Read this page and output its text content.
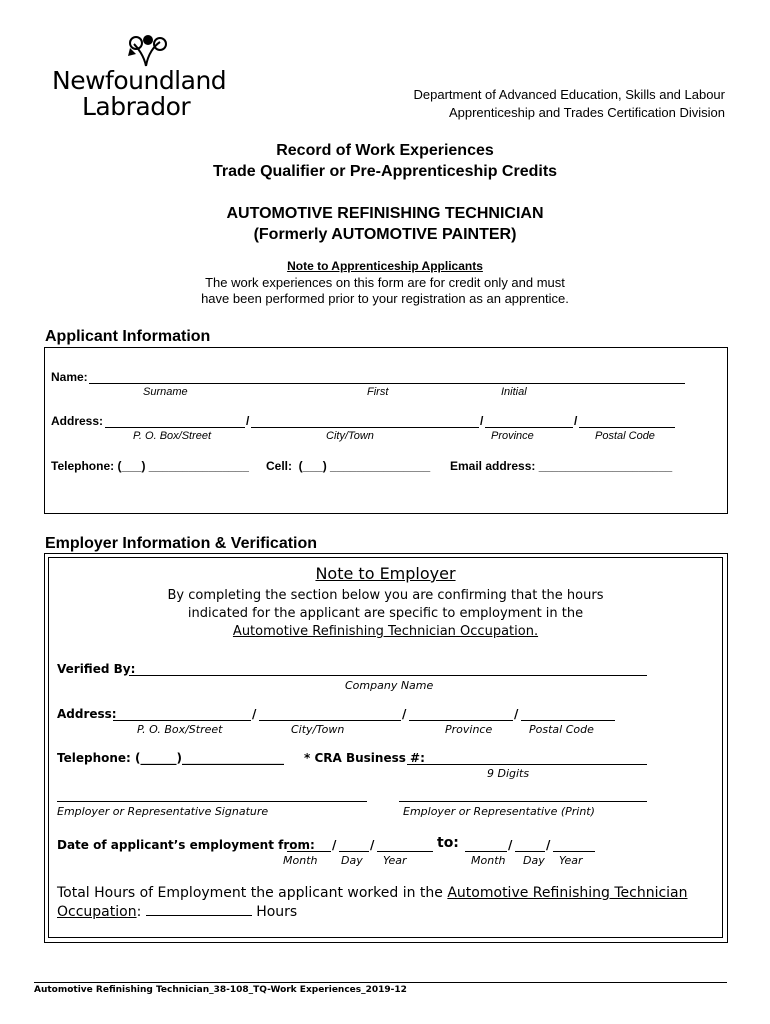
Newfoundland
Labrador	Department of Advanced Education, Skills and Labour
Apprenticeship and Trades Certification Division
Record of Work Experiences
Trade Qualifier or Pre-Apprenticeship Credits
AUTOMOTIVE REFINISHING TECHNICIAN
(Formerly AUTOMOTIVE PAINTER)
Note to Apprenticeship Applicants
The work experiences on this form are for credit only and must
have been performed prior to your registration as an apprentice.
Applicant Information
Name:
Surname	First	Initial
Address:	/	/	/
P. O. Box/Street	City/Town	Province	Postal Code
Telephone: (___) _______________ Cell:  (___) _______________ Email address: ____________________
Employer Information & Verification
Note to Employer
By completing the section below you are confirming that the hours
indicated for the applicant are specific to employment in the
Automotive Refinishing Technician Occupation.
Verified By:
Company Name
Address:	/	/	/
P. O. Box/Street	City/Town	Province	Postal Code
Telephone: (______)_________________ * CRA Business #:
9 Digits
Employer or Representative Signature	Employer or Representative (Print)
Date of applicant’s employment from: /	/	to:	/	/
Month Day Year	Month Day Year
Total Hours of Employment the applicant worked in the Automotive Refinishing Technician
Occupation:	Hours
Automotive Refinishing Technician_38-108_TQ-Work Experiences_2019-12
